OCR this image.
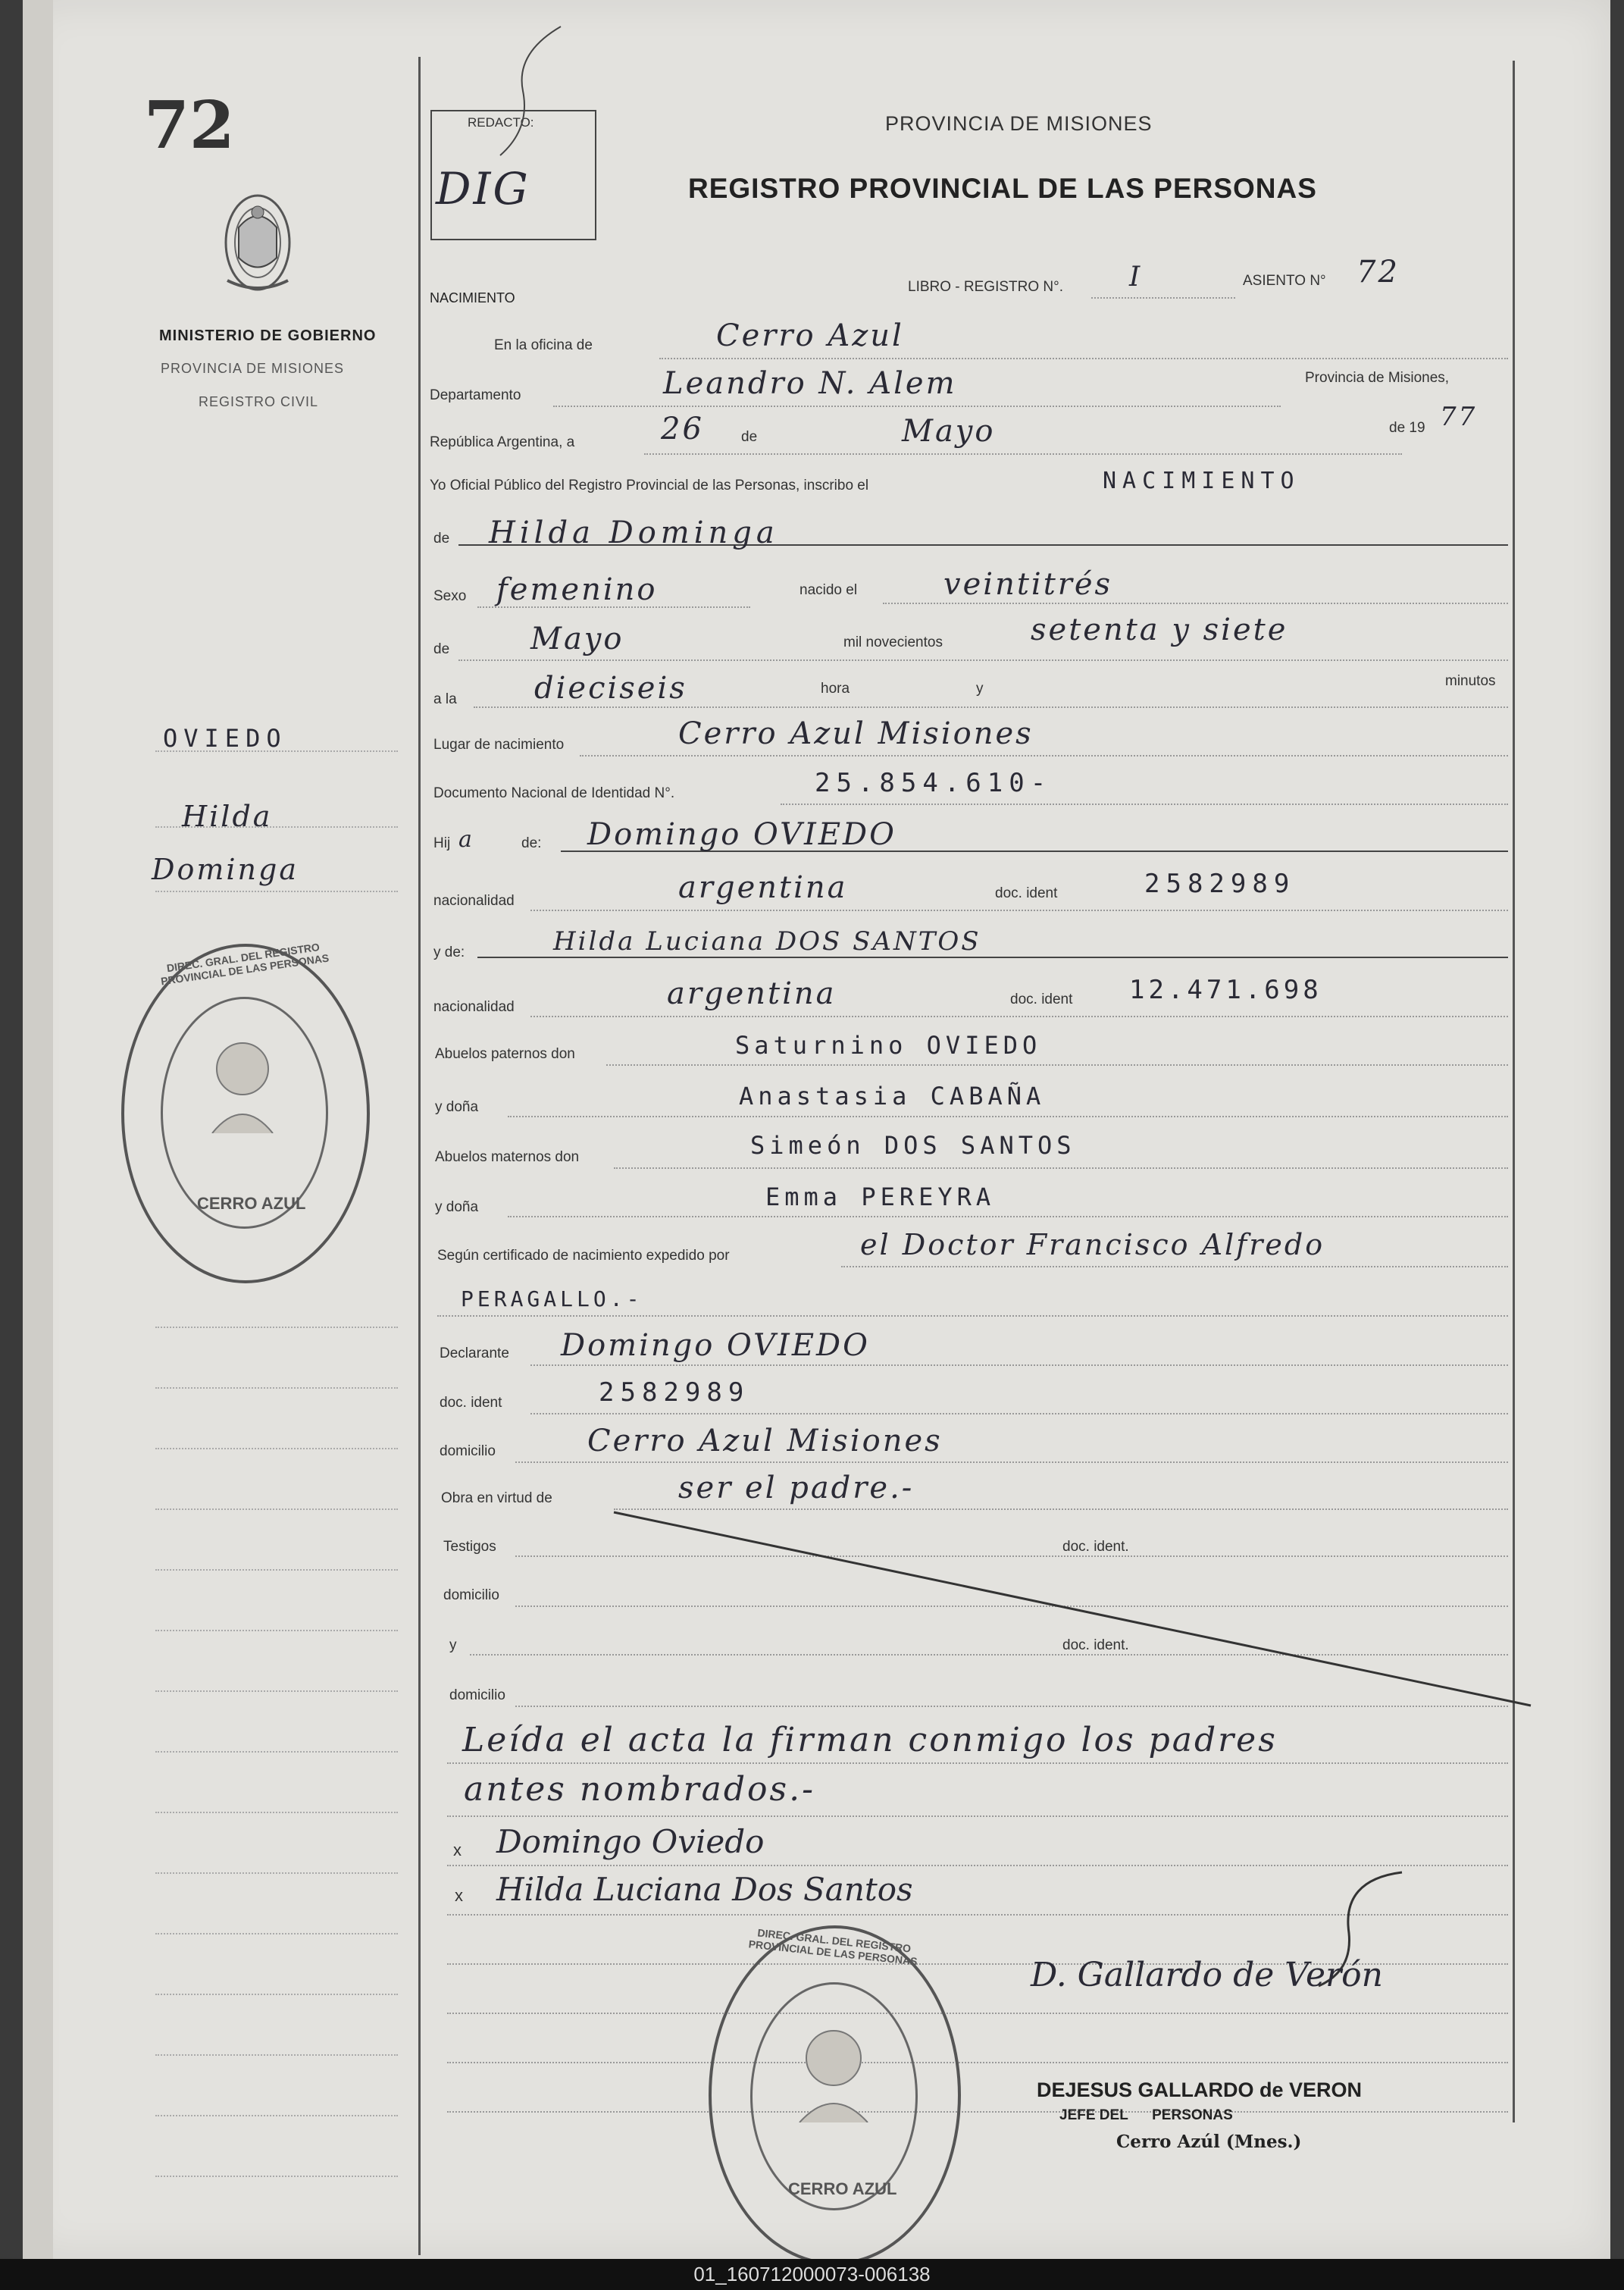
72
MINISTERIO DE GOBIERNO
PROVINCIA DE MISIONES
REGISTRO CIVIL
OVIEDO
Hilda
Dominga
DIREC. GRAL. DEL REGISTRO PROVINCIAL DE LAS PERSONAS
CERRO AZUL
REDACTO:
DIG
PROVINCIA DE MISIONES
REGISTRO PROVINCIAL DE LAS PERSONAS
NACIMIENTO
LIBRO - REGISTRO N°. I	ASIENTO N° 72
En la oficina de	Cerro Azul
Departamento	Leandro N. Alem	Provincia de Misiones,
República Argentina, a	26	de	Mayo	de 19 77
Yo Oficial Público del Registro Provincial de las Personas, inscribo el	NACIMIENTO
de Hilda Dominga
Sexo femenino	nacido el	veintitrés
de	Mayo	mil novecientos	setenta y siete
a la	dieciseis	hora	y	minutos
Lugar de nacimiento	Cerro Azul Misiones
Documento Nacional de Identidad N°.	25.854.610-
Hij a	de: Domingo OVIEDO
nacionalidad	argentina	doc. ident	2582989
y de:	Hilda Luciana DOS SANTOS
nacionalidad	argentina	doc. ident 12.471.698
Abuelos paternos don	Saturnino OVIEDO
y doña	Anastasia CABAÑA
Abuelos maternos don	Simeón DOS SANTOS
y doña	Emma PEREYRA
Según certificado de nacimiento expedido por	el Doctor Francisco Alfredo
PERAGALLO.-
Declarante Domingo OVIEDO
doc. ident	2582989
domicilio	Cerro Azul Misiones
Obra en virtud de	ser el padre.-
Testigos	doc. ident.
domicilio
y	doc. ident.
domicilio
Leída el acta la firman conmigo los padres
antes nombrados.-
x Domingo Oviedo
x Hilda Luciana Dos Santos
D. Gallardo de Verón
DEJESUS GALLARDO de VERON
JEFE DEL      PERSONAS
Cerro Azúl (Mnes.)
DIREC. GRAL. DEL REGISTRO PROVINCIAL DE LAS PERSONAS
CERRO AZUL
01_160712000073-006138
